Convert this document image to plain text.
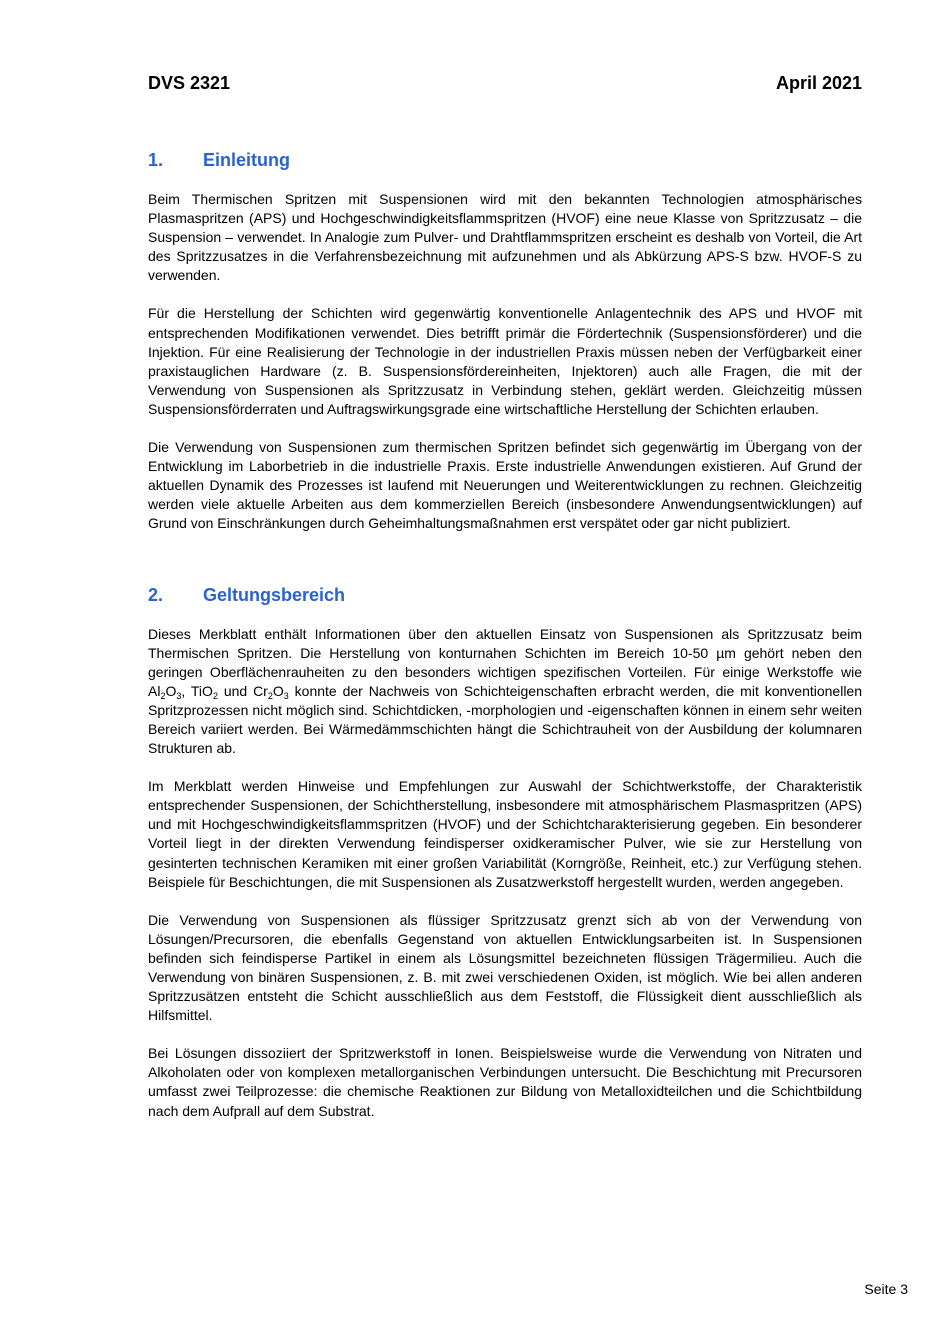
DVS 2321	April 2021
1.	Einleitung

Beim Thermischen Spritzen mit Suspensionen wird mit den bekannten Technologien atmosphärisches Plasmaspritzen (APS) und Hochgeschwindigkeitsflammspritzen (HVOF) eine neue Klasse von Spritzzusatz – die Suspension – verwendet. In Analogie zum Pulver- und Drahtflammspritzen erscheint es deshalb von Vorteil, die Art des Spritzzusatzes in die Verfahrensbezeichnung mit aufzunehmen und als Abkürzung APS-S bzw. HVOF-S zu verwenden.

Für die Herstellung der Schichten wird gegenwärtig konventionelle Anlagentechnik des APS und HVOF mit entsprechenden Modifikationen verwendet. Dies betrifft primär die Fördertechnik (Suspensionsförderer) und die Injektion. Für eine Realisierung der Technologie in der industriellen Praxis müssen neben der Verfügbarkeit einer praxistauglichen Hardware (z. B. Suspensionsfördereinheiten, Injektoren) auch alle Fragen, die mit der Verwendung von Suspensionen als Spritzzusatz in Verbindung stehen, geklärt werden. Gleichzeitig müssen Suspensionsförderraten und Auftragswirkungsgrade eine wirtschaftliche Herstellung der Schichten erlauben.

Die Verwendung von Suspensionen zum thermischen Spritzen befindet sich gegenwärtig im Übergang von der Entwicklung im Laborbetrieb in die industrielle Praxis. Erste industrielle Anwendungen existieren. Auf Grund der aktuellen Dynamik des Prozesses ist laufend mit Neuerungen und Weiterentwicklungen zu rechnen. Gleichzeitig werden viele aktuelle Arbeiten aus dem kommerziellen Bereich (insbesondere Anwendungsentwicklungen) auf Grund von Einschränkungen durch Geheimhaltungsmaßnahmen erst verspätet oder gar nicht publiziert.

2.	Geltungsbereich

Dieses Merkblatt enthält Informationen über den aktuellen Einsatz von Suspensionen als Spritzzusatz beim Thermischen Spritzen. Die Herstellung von konturnahen Schichten im Bereich 10-50 µm gehört neben den geringen Oberflächenrauheiten zu den besonders wichtigen spezifischen Vorteilen. Für einige Werkstoffe wie $Al_2O_3$, TiO$_2$ und $Cr_2O_3$ konnte der Nachweis von Schichteigenschaften erbracht werden, die mit konventionellen Spritzprozessen nicht möglich sind. Schichtdicken, -morphologien und -eigenschaften können in einem sehr weiten Bereich variiert werden. Bei Wärmedämmschichten hängt die Schichtrauheit von der Ausbildung der kolumnaren Strukturen ab.

Im Merkblatt werden Hinweise und Empfehlungen zur Auswahl der Schichtwerkstoffe, der Charakteristik entsprechender Suspensionen, der Schichtherstellung, insbesondere mit atmosphärischem Plasmaspritzen (APS) und mit Hochgeschwindigkeitsflammspritzen (HVOF) und der Schichtcharakterisierung gegeben. Ein besonderer Vorteil liegt in der direkten Verwendung feindisperser oxidkeramischer Pulver, wie sie zur Herstellung von gesinterten technischen Keramiken mit einer großen Variabilität (Korngröße, Reinheit, etc.) zur Verfügung stehen. Beispiele für Beschichtungen, die mit Suspensionen als Zusatzwerkstoff hergestellt wurden, werden angegeben.

Die Verwendung von Suspensionen als flüssiger Spritzzusatz grenzt sich ab von der Verwendung von Lösungen/Precursoren, die ebenfalls Gegenstand von aktuellen Entwicklungsarbeiten ist. In Suspensionen befinden sich feindisperse Partikel in einem als Lösungsmittel bezeichneten flüssigen Trägermilieu. Auch die Verwendung von binären Suspensionen, z. B. mit zwei verschiedenen Oxiden, ist möglich. Wie bei allen anderen Spritzzusätzen entsteht die Schicht ausschließlich aus dem Feststoff, die Flüssigkeit dient ausschließlich als Hilfsmittel.

Bei Lösungen dissoziiert der Spritzwerkstoff in Ionen. Beispielsweise wurde die Verwendung von Nitraten und Alkoholaten oder von komplexen metallorganischen Verbindungen untersucht. Die Beschichtung mit Precursoren umfasst zwei Teilprozesse: die chemische Reaktionen zur Bildung von Metalloxidteilchen und die Schichtbildung nach dem Aufprall auf dem Substrat.

Seite 3
